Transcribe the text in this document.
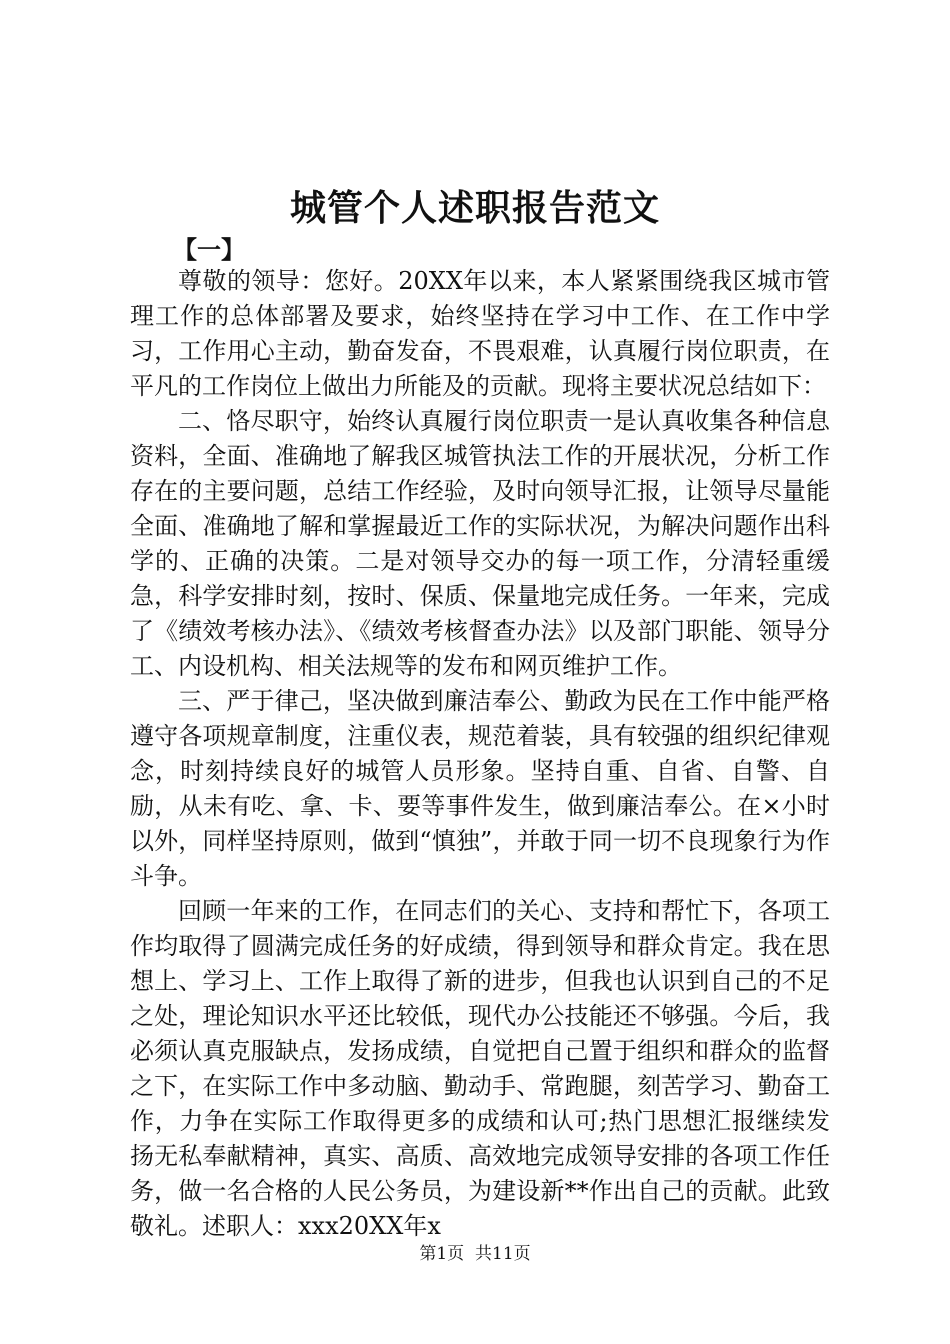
城管个人述职报告范文
【一】

尊敬的领导：您好。20XX年以来，本人紧紧围绕我区城市管理工作的总体部署及要求，始终坚持在学习中工作、在工作中学习，工作用心主动，勤奋发奋，不畏艰难，认真履行岗位职责，在平凡的工作岗位上做出力所能及的贡献。现将主要状况总结如下：

二、恪尽职守，始终认真履行岗位职责一是认真收集各种信息资料，全面、准确地了解我区城管执法工作的开展状况，分析工作存在的主要问题，总结工作经验，及时向领导汇报，让领导尽量能全面、准确地了解和掌握最近工作的实际状况，为解决问题作出科学的、正确的决策。二是对领导交办的每一项工作，分清轻重缓急，科学安排时刻，按时、保质、保量地完成任务。一年来，完成了《绩效考核办法》、《绩效考核督查办法》以及部门职能、领导分工、内设机构、相关法规等的发布和网页维护工作。

三、严于律己，坚决做到廉洁奉公、勤政为民在工作中能严格遵守各项规章制度，注重仪表，规范着装，具有较强的组织纪律观念，时刻持续良好的城管人员形象。坚持自重、自省、自警、自励，从未有吃、拿、卡、要等事件发生，做到廉洁奉公。在×小时以外，同样坚持原则，做到“慎独”，并敢于同一切不良现象行为作斗争。

回顾一年来的工作，在同志们的关心、支持和帮忙下，各项工作均取得了圆满完成任务的好成绩，得到领导和群众肯定。我在思想上、学习上、工作上取得了新的进步，但我也认识到自己的不足之处，理论知识水平还比较低，现代办公技能还不够强。今后，我必须认真克服缺点，发扬成绩，自觉把自己置于组织和群众的监督之下，在实际工作中多动脑、勤动手、常跑腿，刻苦学习、勤奋工作，力争在实际工作取得更多的成绩和认可;热门思想汇报继续发扬无私奉献精神，真实、高质、高效地完成领导安排的各项工作任务，做一名合格的人民公务员，为建设新**作出自己的贡献。此致敬礼。述职人：xxx20XX年x

第1页 共11页
